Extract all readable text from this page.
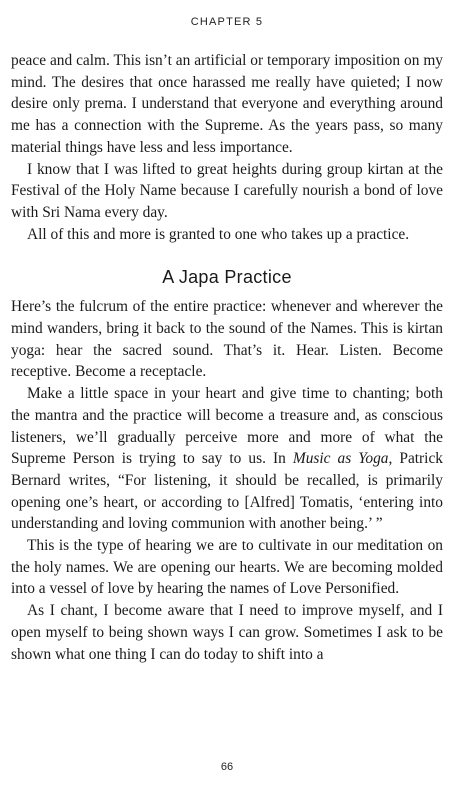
CHAPTER 5

peace and calm. This isn’t an artificial or temporary imposition on my mind. The desires that once harassed me really have quieted; I now desire only prema. I understand that everyone and everything around me has a connection with the Supreme. As the years pass, so many material things have less and less importance.

I know that I was lifted to great heights during group kirtan at the Festival of the Holy Name because I carefully nourish a bond of love with Sri Nama every day.

All of this and more is granted to one who takes up a practice.

A Japa Practice

Here’s the fulcrum of the entire practice: whenever and wherever the mind wanders, bring it back to the sound of the Names. This is kirtan yoga: hear the sacred sound. That’s it. Hear. Listen. Become receptive. Become a receptacle.

Make a little space in your heart and give time to chanting; both the mantra and the practice will become a treasure and, as conscious listeners, we’ll gradually perceive more and more of what the Supreme Person is trying to say to us. In Music as Yoga, Patrick Bernard writes, “For listening, it should be recalled, is primarily opening one’s heart, or according to [Alfred] Tomatis, ‘entering into understanding and loving communion with another being.’ ”

This is the type of hearing we are to cultivate in our meditation on the holy names. We are opening our hearts. We are becoming molded into a vessel of love by hearing the names of Love Personified.

As I chant, I become aware that I need to improve myself, and I open myself to being shown ways I can grow. Sometimes I ask to be shown what one thing I can do today to shift into a

66
